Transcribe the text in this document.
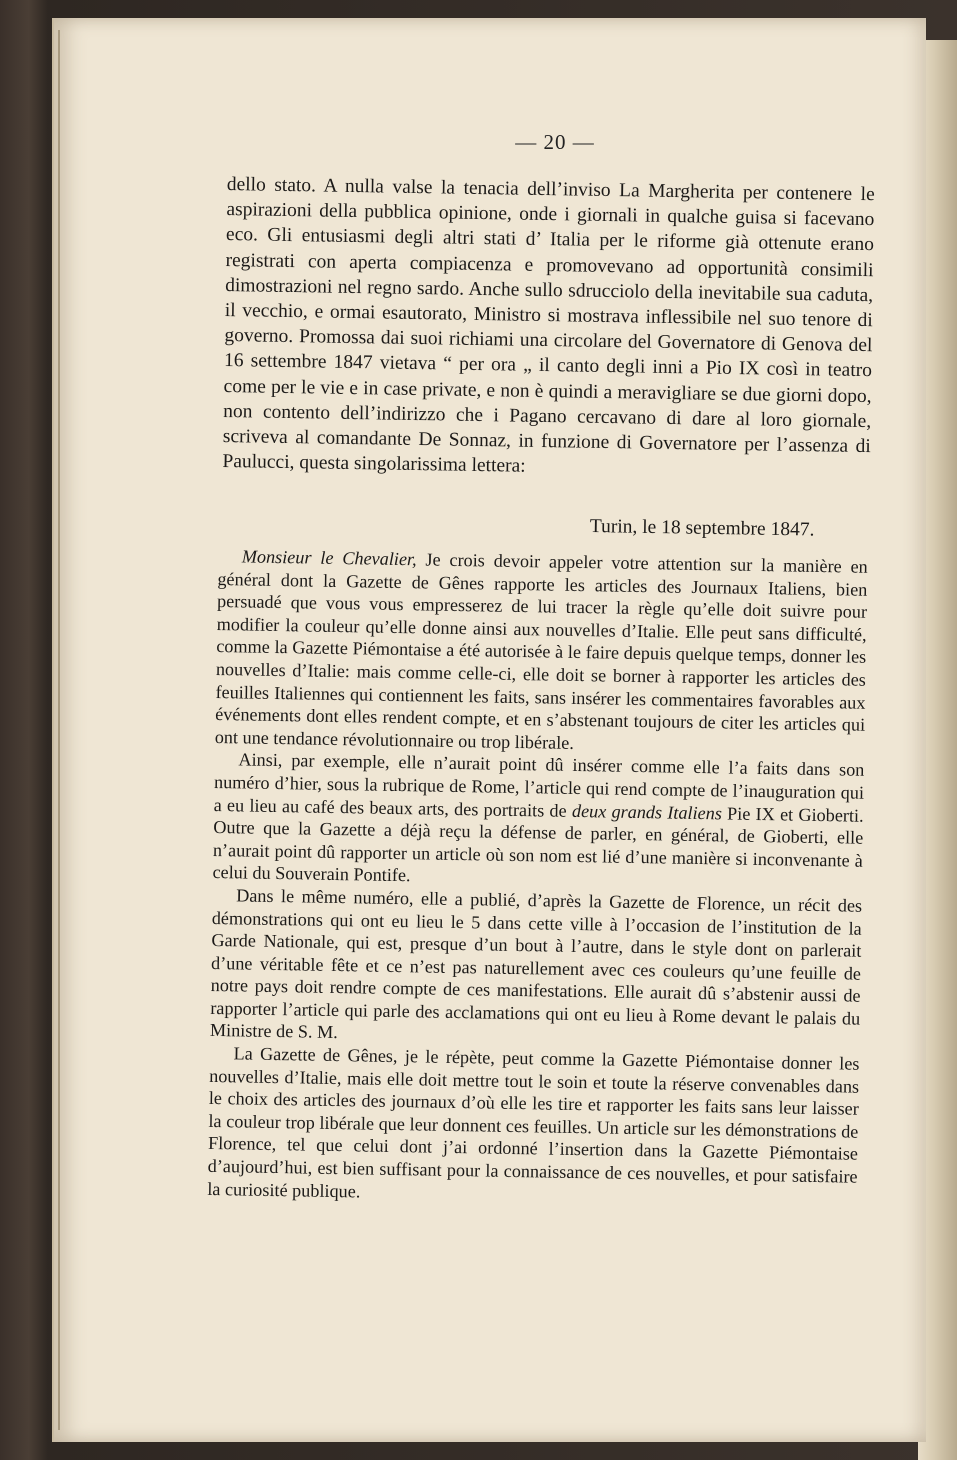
— 20 —

dello stato. A nulla valse la tenacia dell’inviso La Margherita per contenere le aspirazioni della pubblica opinione, onde i giornali in qualche guisa si facevano eco. Gli entusiasmi degli altri stati d’ Italia per le riforme già ottenute erano registrati con aperta compiacenza e promovevano ad opportunità consimili dimostrazioni nel regno sardo. Anche sullo sdrucciolo della inevitabile sua caduta, il vecchio, e ormai esautorato, Ministro si mostrava inflessibile nel suo tenore di governo. Promossa dai suoi richiami una circolare del Governatore di Genova del 16 settembre 1847 vietava “ per ora „ il canto degli inni a Pio IX così in teatro come per le vie e in case private, e non è quindi a meravigliare se due giorni dopo, non contento dell’indirizzo che i Pagano cercavano di dare al loro giornale, scriveva al comandante De Sonnaz, in funzione di Governatore per l’assenza di Paulucci, questa singolarissima lettera:

Turin, le 18 septembre 1847.

Monsieur le Chevalier, Je crois devoir appeler votre attention sur la manière en général dont la Gazette de Gênes rapporte les articles des Journaux Italiens, bien persuadé que vous vous empresserez de lui tracer la règle qu’elle doit suivre pour modifier la couleur qu’elle donne ainsi aux nouvelles d’Italie. Elle peut sans difficulté, comme la Gazette Piémontaise a été autorisée à le faire depuis quelque temps, donner les nouvelles d’Italie: mais comme celle-ci, elle doit se borner à rapporter les articles des feuilles Italiennes qui contiennent les faits, sans insérer les commentaires favorables aux événements dont elles rendent compte, et en s’abstenant toujours de citer les articles qui ont une tendance révolutionnaire ou trop libérale.

Ainsi, par exemple, elle n’aurait point dû insérer comme elle l’a faits dans son numéro d’hier, sous la rubrique de Rome, l’article qui rend compte de l’inauguration qui a eu lieu au café des beaux arts, des portraits de deux grands Italiens Pie IX et Gioberti. Outre que la Gazette a déjà reçu la défense de parler, en général, de Gioberti, elle n’aurait point dû rapporter un article où son nom est lié d’une manière si inconvenante à celui du Souverain Pontife.

Dans le même numéro, elle a publié, d’après la Gazette de Florence, un récit des démonstrations qui ont eu lieu le 5 dans cette ville à l’occasion de l’institution de la Garde Nationale, qui est, presque d’un bout à l’autre, dans le style dont on parlerait d’une véritable fête et ce n’est pas naturellement avec ces couleurs qu’une feuille de notre pays doit rendre compte de ces manifestations. Elle aurait dû s’abstenir aussi de rapporter l’article qui parle des acclamations qui ont eu lieu à Rome devant le palais du Ministre de S. M.

La Gazette de Gênes, je le répète, peut comme la Gazette Piémontaise donner les nouvelles d’Italie, mais elle doit mettre tout le soin et toute la réserve convenables dans le choix des articles des journaux d’où elle les tire et rapporter les faits sans leur laisser la couleur trop libérale que leur donnent ces feuilles. Un article sur les démonstrations de Florence, tel que celui dont j’ai ordonné l’insertion dans la Gazette Piémontaise d’aujourd’hui, est bien suffisant pour la connaissance de ces nouvelles, et pour satisfaire la curiosité publique.
